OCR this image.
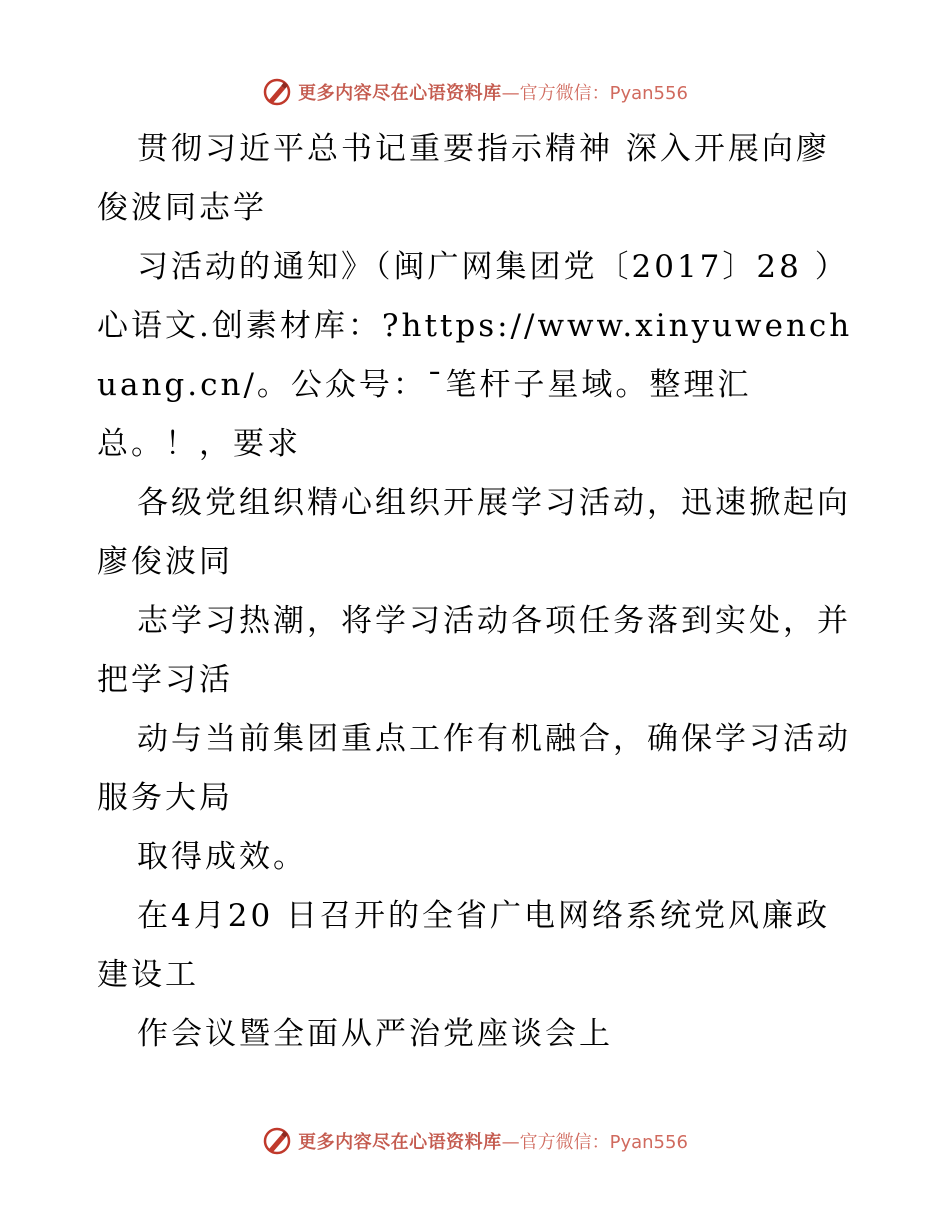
更多内容尽在心语资料库 —官方微信：Pyan556

贯彻习近平总书记重要指示精神 深入开展向廖俊波同志学

习活动的通知》（闽广网集团党〔2017〕28 ）心语文.创素材库：?https://www.xinyuwenchuang.cn/。公众号：¯笔杆子星域。整理汇总。！，要求

各级党组织精心组织开展学习活动，迅速掀起向廖俊波同

志学习热潮，将学习活动各项任务落到实处，并把学习活

动与当前集团重点工作有机融合，确保学习活动服务大局

取得成效。

在4月20 日召开的全省广电网络系统党风廉政建设工

作会议暨全面从严治党座谈会上

更多内容尽在心语资料库 —官方微信：Pyan556
